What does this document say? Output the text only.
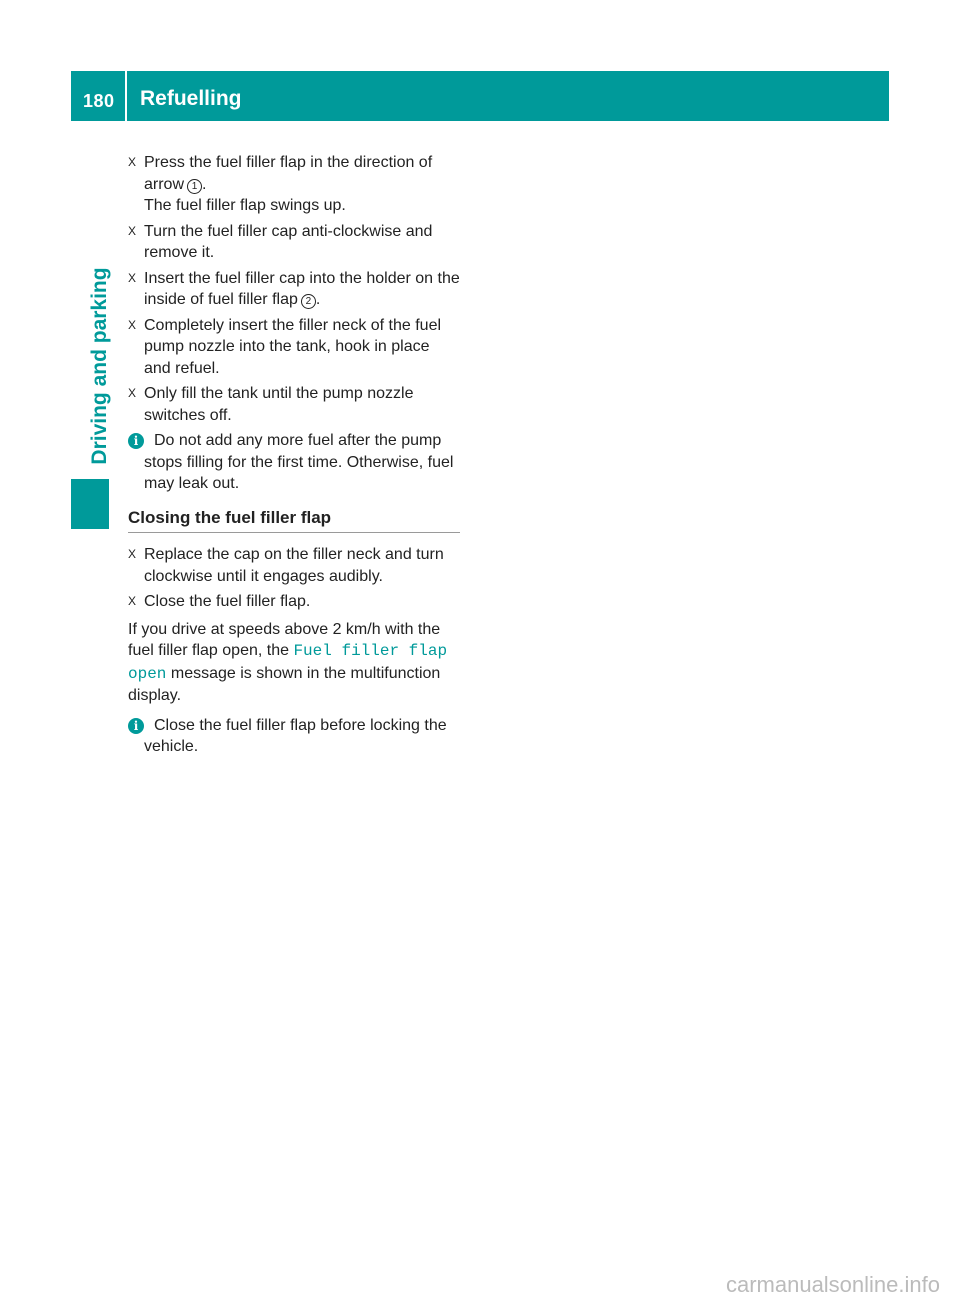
180 Refuelling
Driving and parking
X Press the fuel filler flap in the direction of arrow 1 .
The fuel filler flap swings up.
X Turn the fuel filler cap anti-clockwise and remove it.
X Insert the fuel filler cap into the holder on the inside of fuel filler flap 2 .
X Completely insert the filler neck of the fuel pump nozzle into the tank, hook in place and refuel.
X Only fill the tank until the pump nozzle switches off.
i Do not add any more fuel after the pump stops filling for the first time. Otherwise, fuel may leak out.
Closing the fuel filler flap
X Replace the cap on the filler neck and turn clockwise until it engages audibly.
X Close the fuel filler flap.
If you drive at speeds above 2 km/h with the fuel filler flap open, the Fuel filler flap open message is shown in the multifunction display.
i Close the fuel filler flap before locking the vehicle.
carmanualsonline.info
